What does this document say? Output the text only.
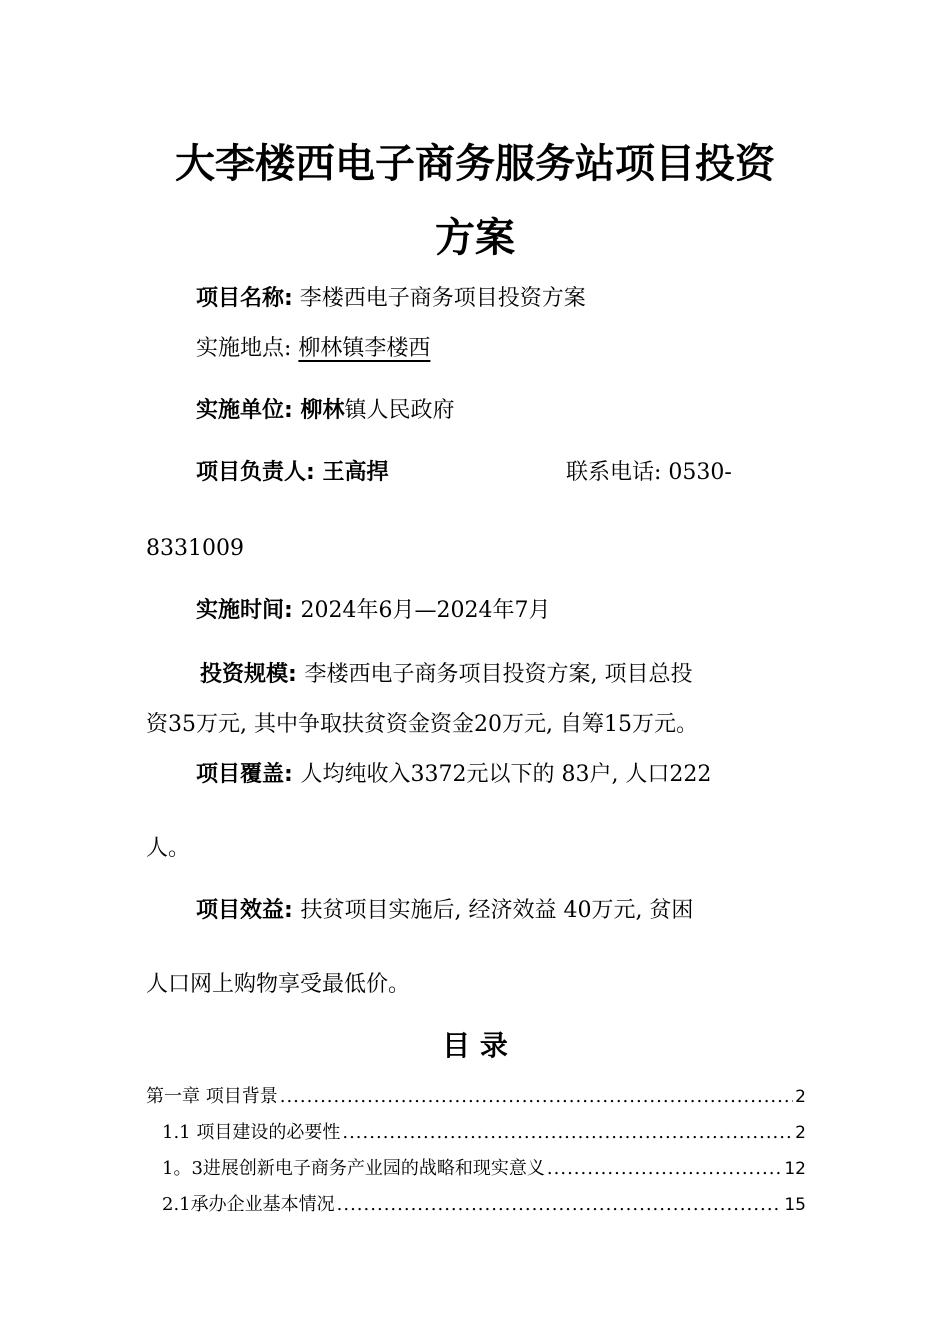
大李楼西电子商务服务站项目投资
方案
项目名称: 李楼西电子商务项目投资方案
实施地点: 柳林镇李楼西
实施单位: 柳林镇人民政府
项目负责人: 王高捍	联系电话: 0530-
8331009
实施时间: 2024年6月—2024年7月
投资规模: 李楼西电子商务项目投资方案, 项目总投
资35万元, 其中争取扶贫资金资金20万元, 自筹15万元。
项目覆盖: 人均纯收入3372元以下的 83户, 人口222
人。
项目效益: 扶贫项目实施后, 经济效益 40万元, 贫困
人口网上购物享受最低价。
目 录
第一章 项目背景 .....	2
1.1 项目建设的必要性 .....	2
1。3进展创新电子商务产业园的战略和现实意义 .....	12
2.1承办企业基本情况 .....	15
